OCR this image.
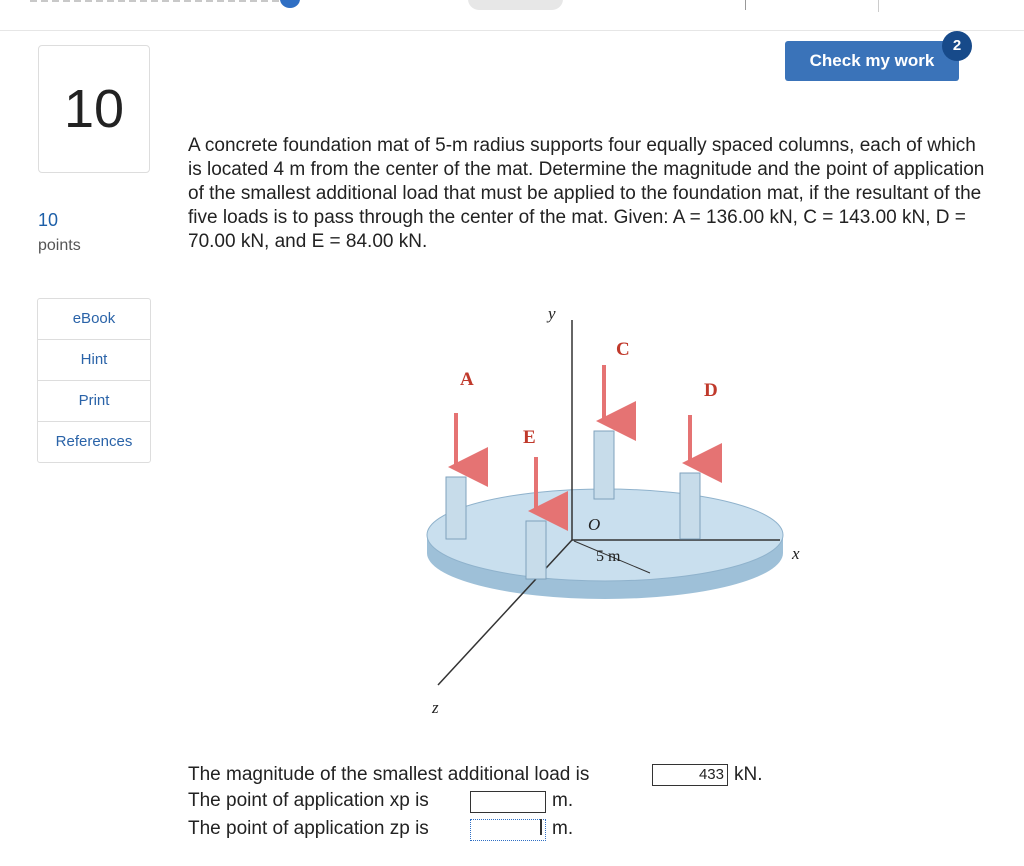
10
10
points
eBook
Hint
Print
References
Check my work
2
A concrete foundation mat of 5-m radius supports four equally spaced columns, each of which is located 4 m from the center of the mat. Determine the magnitude and the point of application of the smallest additional load that must be applied to the foundation mat, if the resultant of the five loads is to pass through the center of the mat. Given: A = 136.00 kN, C = 143.00 kN, D = 70.00 kN, and E = 84.00 kN.
A
C
D
E
O
5 m	x
y
z
The magnitude of the smallest additional load is	433 kN.
The point of application xp is	m.
The point of application zp is	m.
